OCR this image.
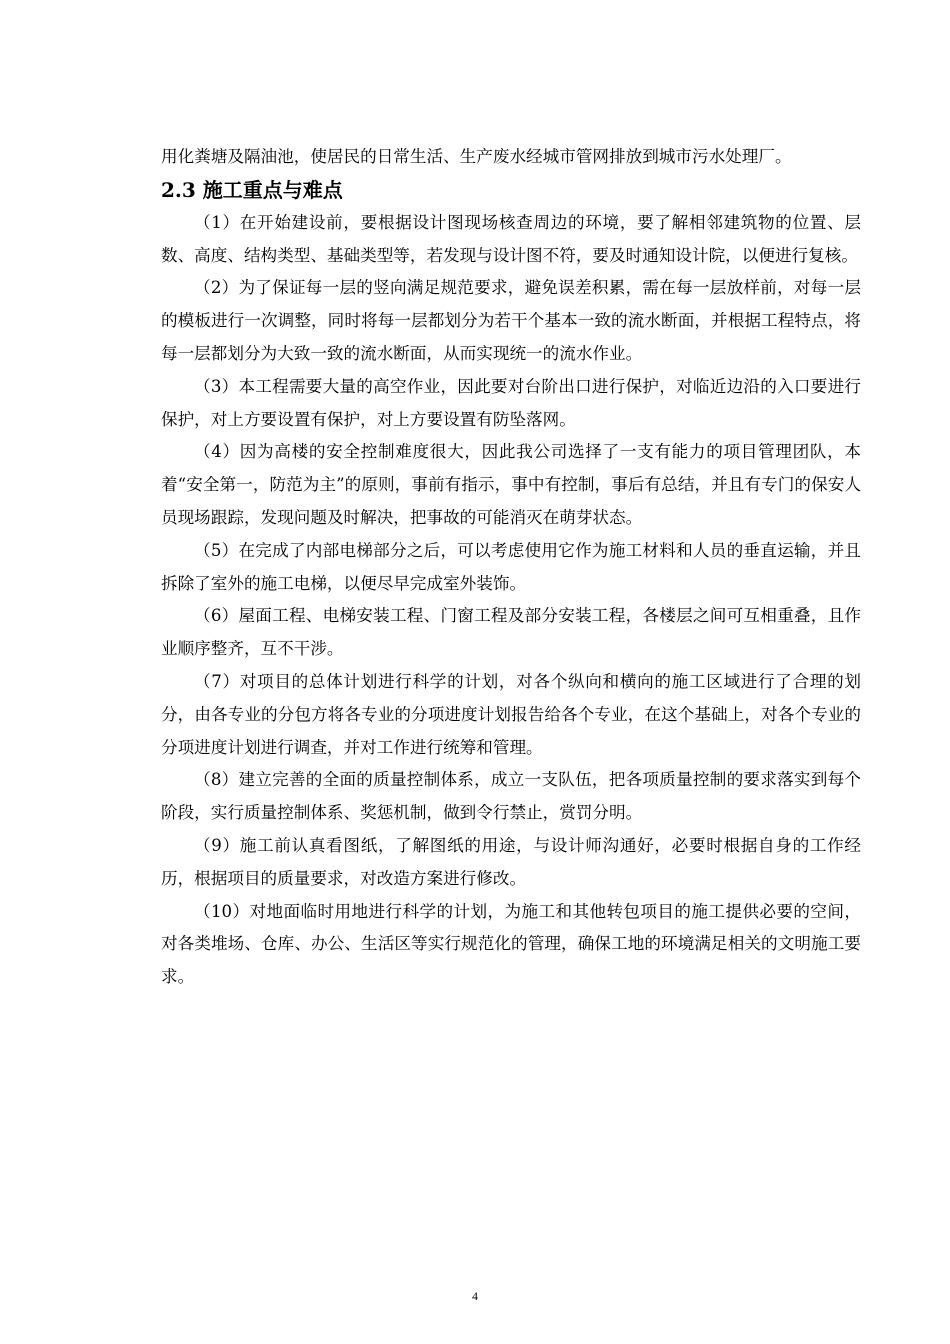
用化粪塘及隔油池，使居民的日常生活、生产废水经城市管网排放到城市污水处理厂。

2.3 施工重点与难点

（1）在开始建设前，要根据设计图现场核查周边的环境，要了解相邻建筑物的位置、层数、高度、结构类型、基础类型等，若发现与设计图不符，要及时通知设计院，以便进行复核。

（2）为了保证每一层的竖向满足规范要求，避免误差积累，需在每一层放样前，对每一层的模板进行一次调整，同时将每一层都划分为若干个基本一致的流水断面，并根据工程特点，将每一层都划分为大致一致的流水断面，从而实现统一的流水作业。

（3）本工程需要大量的高空作业，因此要对台阶出口进行保护，对临近边沿的入口要进行保护，对上方要设置有保护，对上方要设置有防坠落网。

（4）因为高楼的安全控制难度很大，因此我公司选择了一支有能力的项目管理团队，本着“安全第一，防范为主”的原则，事前有指示，事中有控制，事后有总结，并且有专门的保安人员现场跟踪，发现问题及时解决，把事故的可能消灭在萌芽状态。

（5）在完成了内部电梯部分之后，可以考虑使用它作为施工材料和人员的垂直运输，并且拆除了室外的施工电梯，以便尽早完成室外装饰。

（6）屋面工程、电梯安装工程、门窗工程及部分安装工程，各楼层之间可互相重叠，且作业顺序整齐，互不干涉。

（7）对项目的总体计划进行科学的计划，对各个纵向和横向的施工区域进行了合理的划分，由各专业的分包方将各专业的分项进度计划报告给各个专业，在这个基础上，对各个专业的分项进度计划进行调查，并对工作进行统筹和管理。

（8）建立完善的全面的质量控制体系，成立一支队伍，把各项质量控制的要求落实到每个阶段，实行质量控制体系、奖惩机制，做到令行禁止，赏罚分明。

（9）施工前认真看图纸，了解图纸的用途，与设计师沟通好，必要时根据自身的工作经历，根据项目的质量要求，对改造方案进行修改。

（10）对地面临时用地进行科学的计划，为施工和其他转包项目的施工提供必要的空间，对各类堆场、仓库、办公、生活区等实行规范化的管理，确保工地的环境满足相关的文明施工要求。

4
